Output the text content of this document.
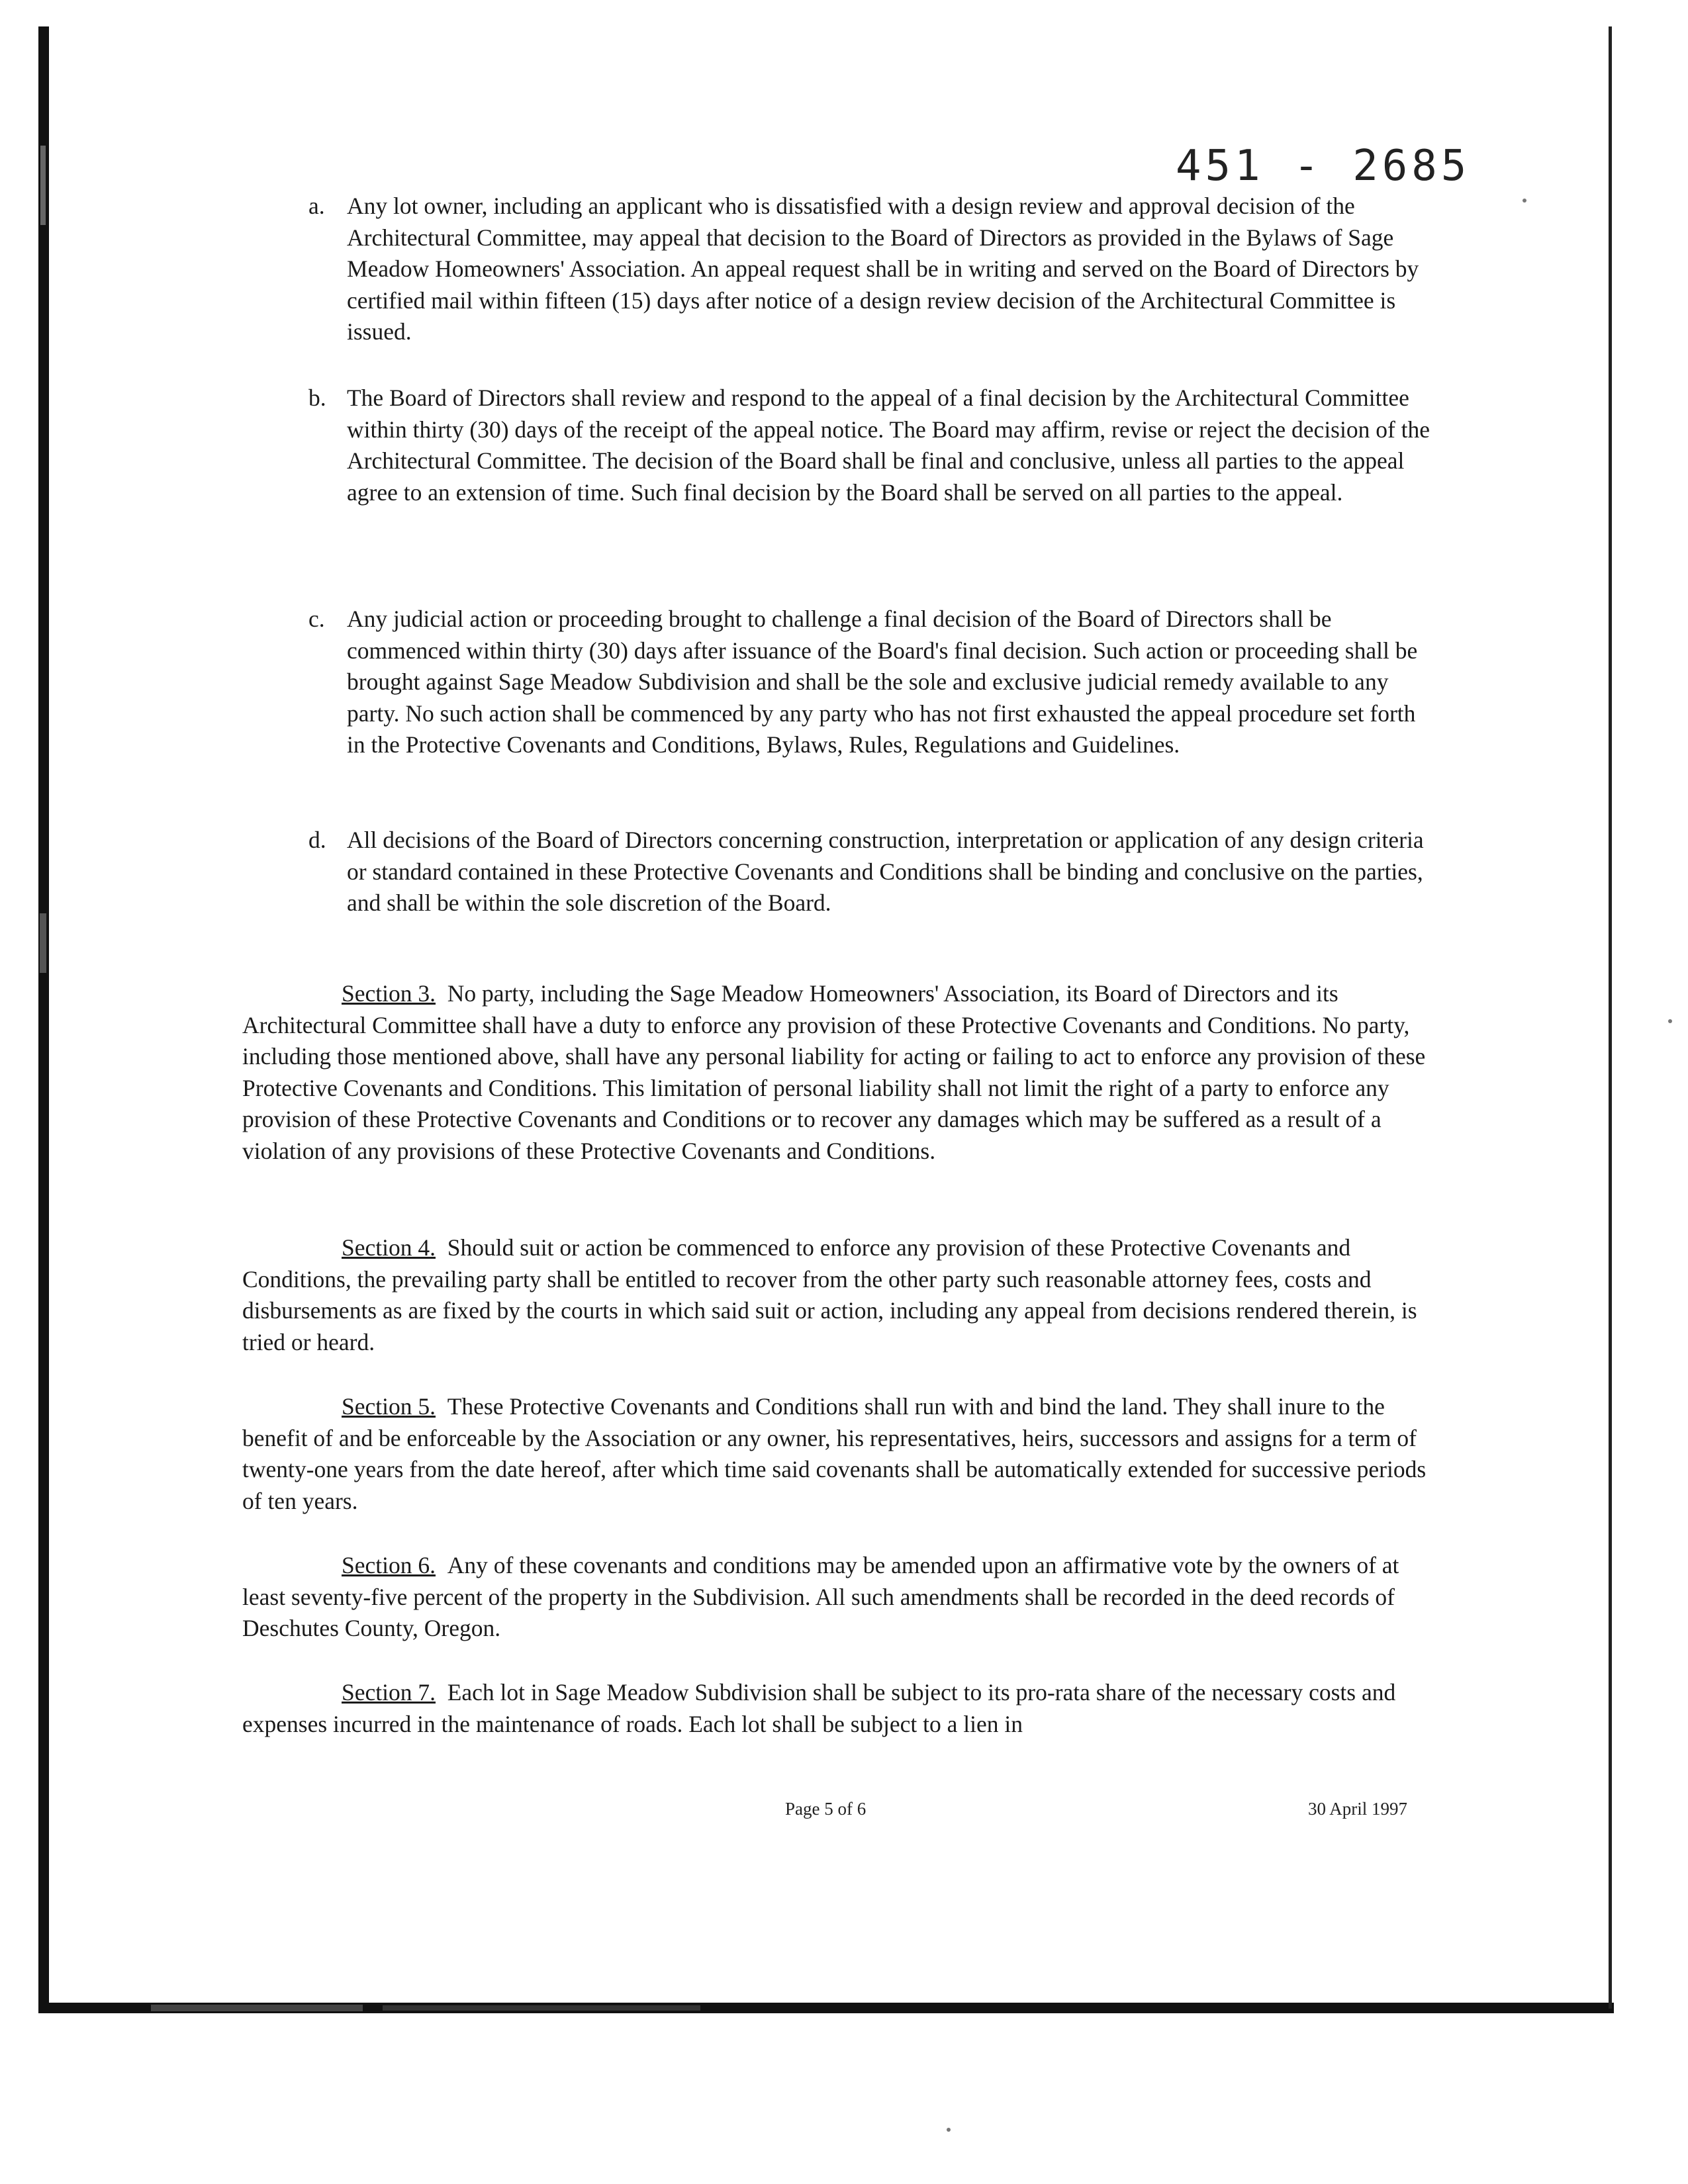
451 - 2685
a. Any lot owner, including an applicant who is dissatisfied with a design review and approval decision of the Architectural Committee, may appeal that decision to the Board of Directors as provided in the Bylaws of Sage Meadow Homeowners' Association. An appeal request shall be in writing and served on the Board of Directors by certified mail within fifteen (15) days after notice of a design review decision of the Architectural Committee is issued.

b. The Board of Directors shall review and respond to the appeal of a final decision by the Architectural Committee within thirty (30) days of the receipt of the appeal notice. The Board may affirm, revise or reject the decision of the Architectural Committee. The decision of the Board shall be final and conclusive, unless all parties to the appeal agree to an extension of time. Such final decision by the Board shall be served on all parties to the appeal.

c. Any judicial action or proceeding brought to challenge a final decision of the Board of Directors shall be commenced within thirty (30) days after issuance of the Board's final decision. Such action or proceeding shall be brought against Sage Meadow Subdivision and shall be the sole and exclusive judicial remedy available to any party. No such action shall be commenced by any party who has not first exhausted the appeal procedure set forth in the Protective Covenants and Conditions, Bylaws, Rules, Regulations and Guidelines.

d. All decisions of the Board of Directors concerning construction, interpretation or application of any design criteria or standard contained in these Protective Covenants and Conditions shall be binding and conclusive on the parties, and shall be within the sole discretion of the Board.

Section 3. No party, including the Sage Meadow Homeowners' Association, its Board of Directors and its Architectural Committee shall have a duty to enforce any provision of these Protective Covenants and Conditions. No party, including those mentioned above, shall have any personal liability for acting or failing to act to enforce any provision of these Protective Covenants and Conditions. This limitation of personal liability shall not limit the right of a party to enforce any provision of these Protective Covenants and Conditions or to recover any damages which may be suffered as a result of a violation of any provisions of these Protective Covenants and Conditions.

Section 4. Should suit or action be commenced to enforce any provision of these Protective Covenants and Conditions, the prevailing party shall be entitled to recover from the other party such reasonable attorney fees, costs and disbursements as are fixed by the courts in which said suit or action, including any appeal from decisions rendered therein, is tried or heard.

Section 5. These Protective Covenants and Conditions shall run with and bind the land. They shall inure to the benefit of and be enforceable by the Association or any owner, his representatives, heirs, successors and assigns for a term of twenty-one years from the date hereof, after which time said covenants shall be automatically extended for successive periods of ten years.

Section 6. Any of these covenants and conditions may be amended upon an affirmative vote by the owners of at least seventy-five percent of the property in the Subdivision. All such amendments shall be recorded in the deed records of Deschutes County, Oregon.

Section 7. Each lot in Sage Meadow Subdivision shall be subject to its pro-rata share of the necessary costs and expenses incurred in the maintenance of roads. Each lot shall be subject to a lien in

Page 5 of 6	30 April 1997
